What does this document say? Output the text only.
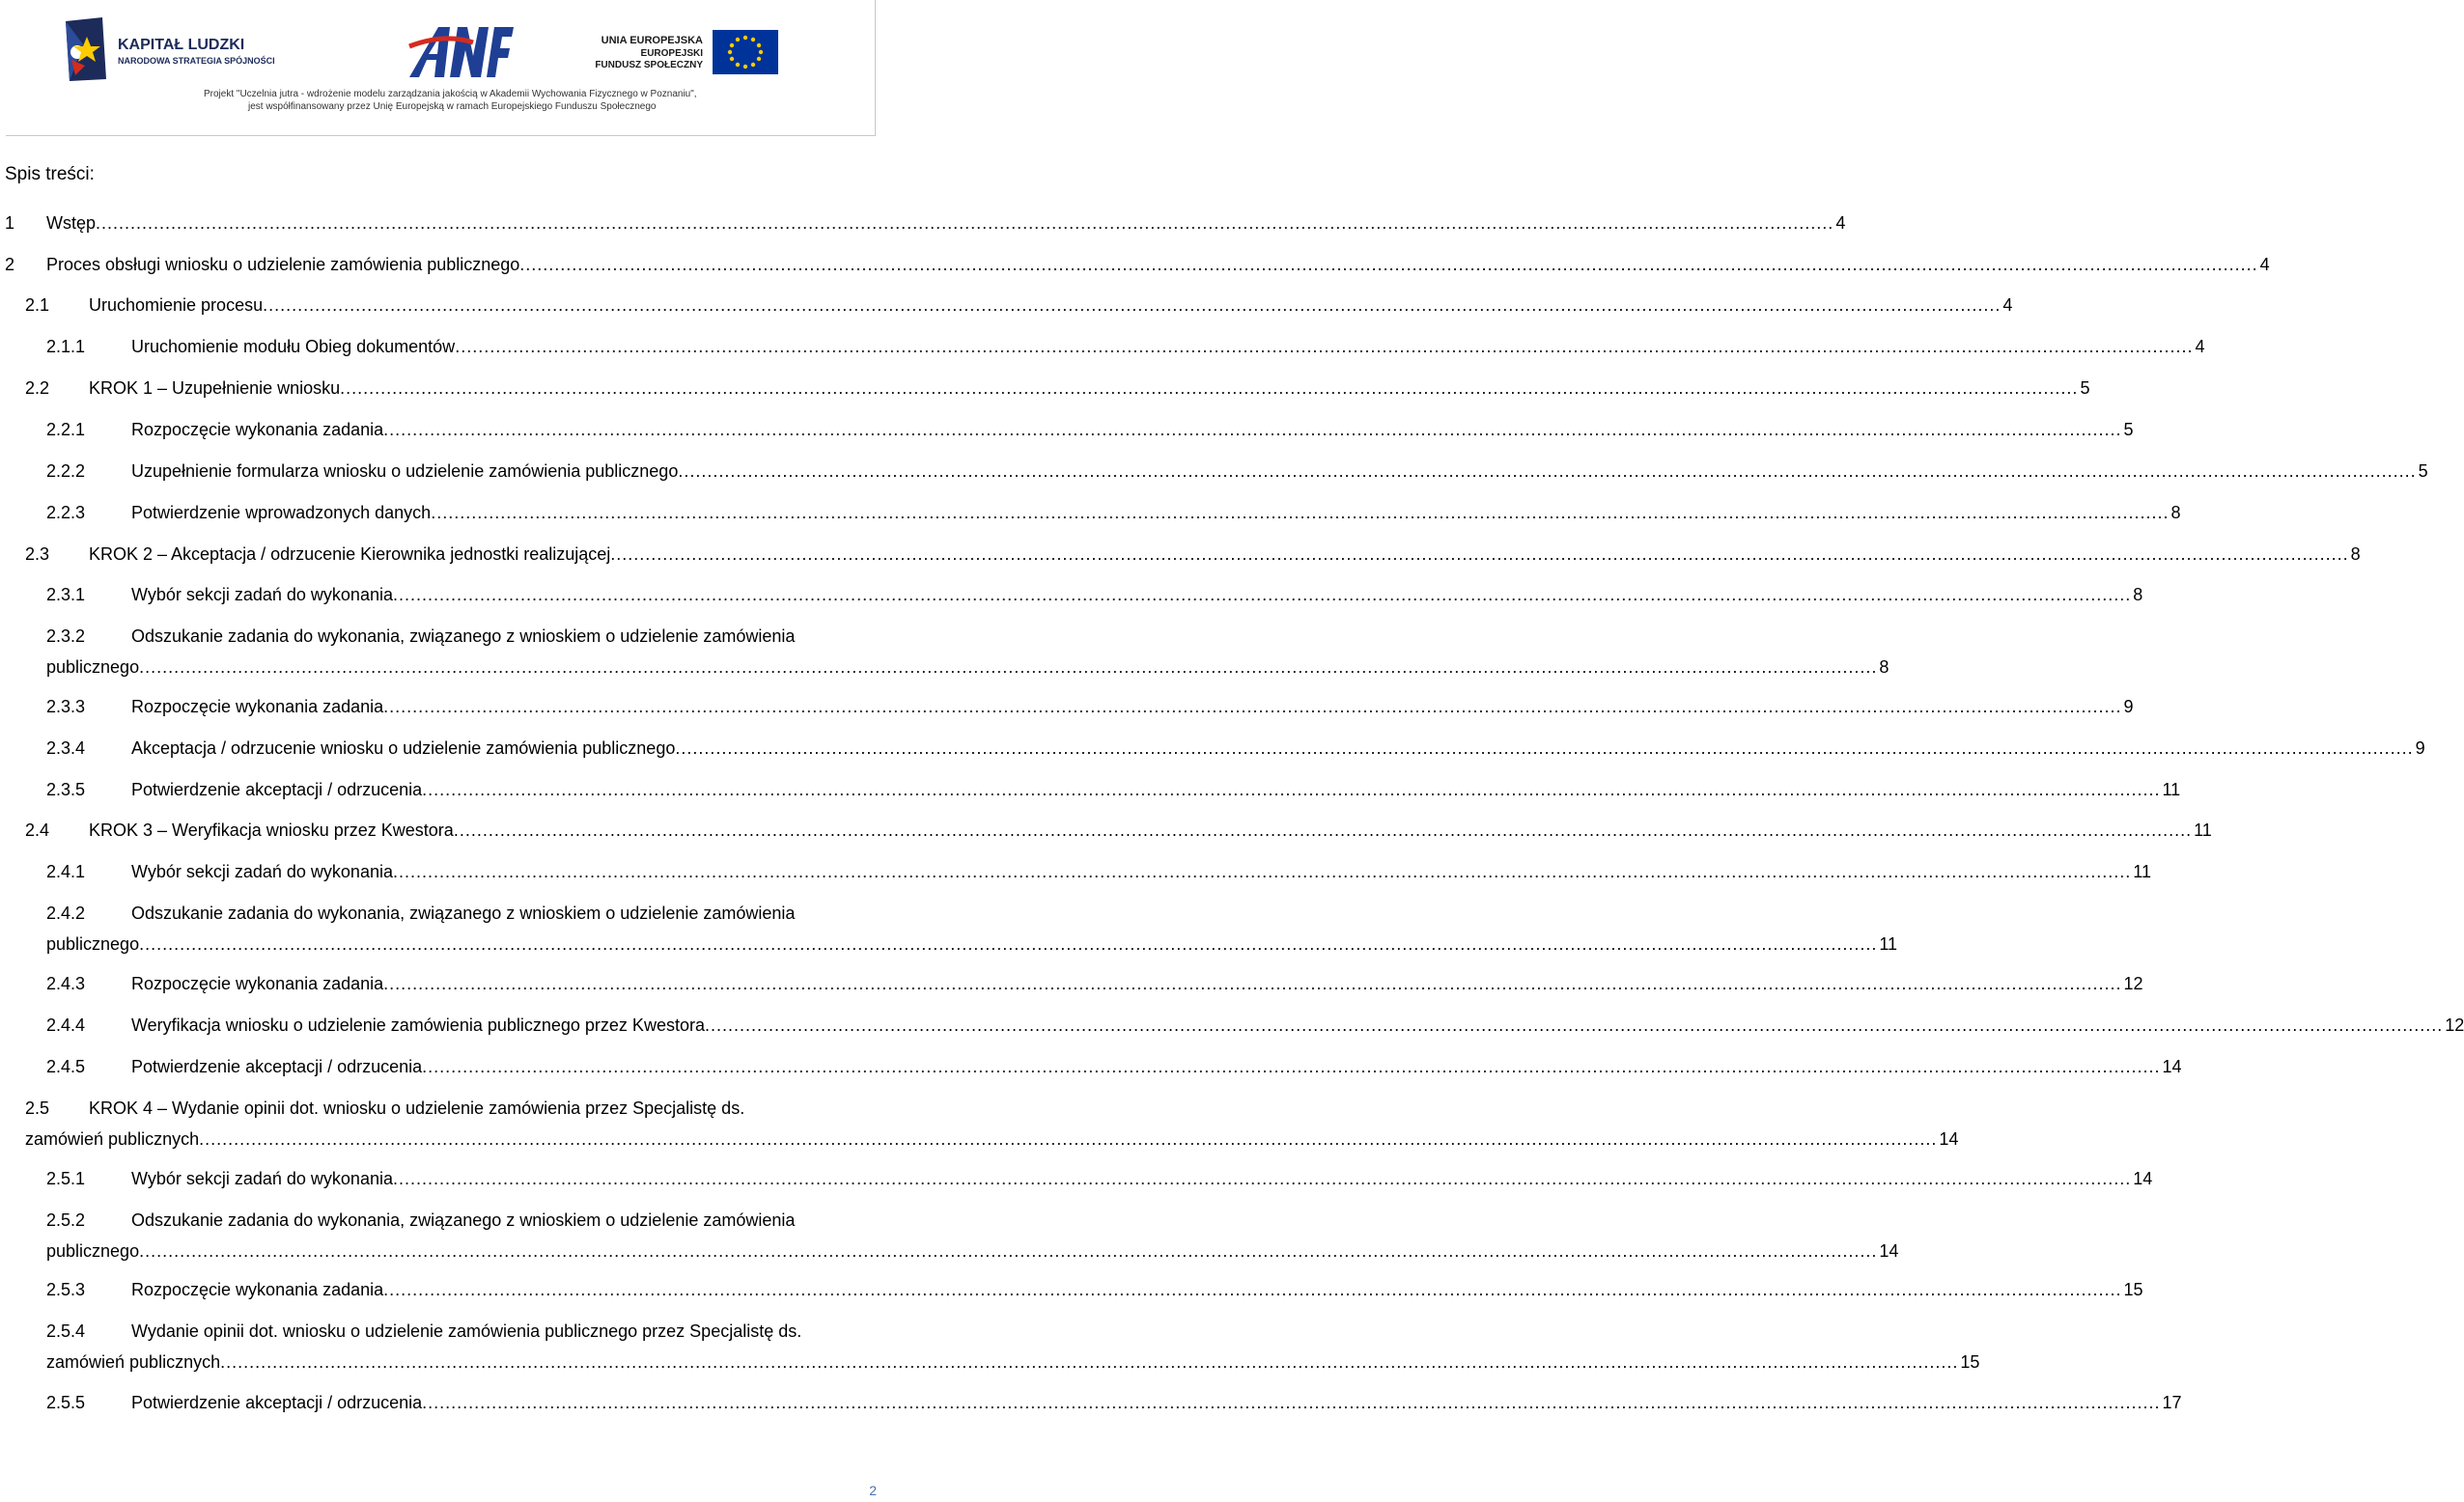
KAPITAŁ LUDZKI
NARODOWA STRATEGIA SPÓJNOŚCI
UNIA EUROPEJSKA
EUROPEJSKI
FUNDUSZ SPOŁECZNY
Projekt "Uczelnia jutra - wdrożenie modelu zarządzania jakością w Akademii Wychowania Fizycznego w Poznaniu",
jest współfinansowany przez Unię Europejską w ramach Europejskiego Funduszu Społecznego
Spis treści:
1 Wstęp ............................................................................................................................................................................................................................................................................................................ 4
2 Proces obsługi wniosku o udzielenie zamówienia publicznego ............................................................................................................................................................................................................................................................................................................ 4
2.1 Uruchomienie procesu ............................................................................................................................................................................................................................................................................................................ 4
2.1.1	Uruchomienie modułu Obieg dokumentów ............................................................................................................................................................................................................................................................................................................ 4
2.2 KROK 1 – Uzupełnienie wniosku ............................................................................................................................................................................................................................................................................................................ 5
2.2.1	Rozpoczęcie wykonania zadania ............................................................................................................................................................................................................................................................................................................ 5
2.2.2	Uzupełnienie formularza wniosku o udzielenie zamówienia publicznego ............................................................................................................................................................................................................................................................................................................ 5
2.2.3	Potwierdzenie wprowadzonych danych ............................................................................................................................................................................................................................................................................................................ 8
2.3 KROK 2 – Akceptacja / odrzucenie Kierownika jednostki realizującej ............................................................................................................................................................................................................................................................................................................ 8
2.3.1	Wybór sekcji zadań do wykonania ............................................................................................................................................................................................................................................................................................................ 8
2.3.2	Odszukanie zadania do wykonania, związanego z wnioskiem o udzielenie zamówienia
publicznego ............................................................................................................................................................................................................................................................................................................ 8
2.3.3	Rozpoczęcie wykonania zadania ............................................................................................................................................................................................................................................................................................................ 9
2.3.4	Akceptacja / odrzucenie wniosku o udzielenie zamówienia publicznego ............................................................................................................................................................................................................................................................................................................ 9
2.3.5	Potwierdzenie akceptacji / odrzucenia ............................................................................................................................................................................................................................................................................................................ 11
2.4 KROK 3 – Weryfikacja wniosku przez Kwestora ............................................................................................................................................................................................................................................................................................................ 11
2.4.1	Wybór sekcji zadań do wykonania ............................................................................................................................................................................................................................................................................................................ 11
2.4.2	Odszukanie zadania do wykonania, związanego z wnioskiem o udzielenie zamówienia
publicznego ............................................................................................................................................................................................................................................................................................................ 11
2.4.3	Rozpoczęcie wykonania zadania ............................................................................................................................................................................................................................................................................................................ 12
2.4.4	Weryfikacja wniosku o udzielenie zamówienia publicznego przez Kwestora ............................................................................................................................................................................................................................................................................................................ 12
2.4.5	Potwierdzenie akceptacji / odrzucenia ............................................................................................................................................................................................................................................................................................................ 14
2.5 KROK 4 – Wydanie opinii dot. wniosku o udzielenie zamówienia przez Specjalistę ds.
zamówień publicznych ............................................................................................................................................................................................................................................................................................................ 14
2.5.1	Wybór sekcji zadań do wykonania ............................................................................................................................................................................................................................................................................................................ 14
2.5.2	Odszukanie zadania do wykonania, związanego z wnioskiem o udzielenie zamówienia
publicznego ............................................................................................................................................................................................................................................................................................................ 14
2.5.3	Rozpoczęcie wykonania zadania ............................................................................................................................................................................................................................................................................................................ 15
2.5.4	Wydanie opinii dot. wniosku o udzielenie zamówienia publicznego przez Specjalistę ds.
zamówień publicznych ............................................................................................................................................................................................................................................................................................................ 15
2.5.5	Potwierdzenie akceptacji / odrzucenia ............................................................................................................................................................................................................................................................................................................ 17
2
